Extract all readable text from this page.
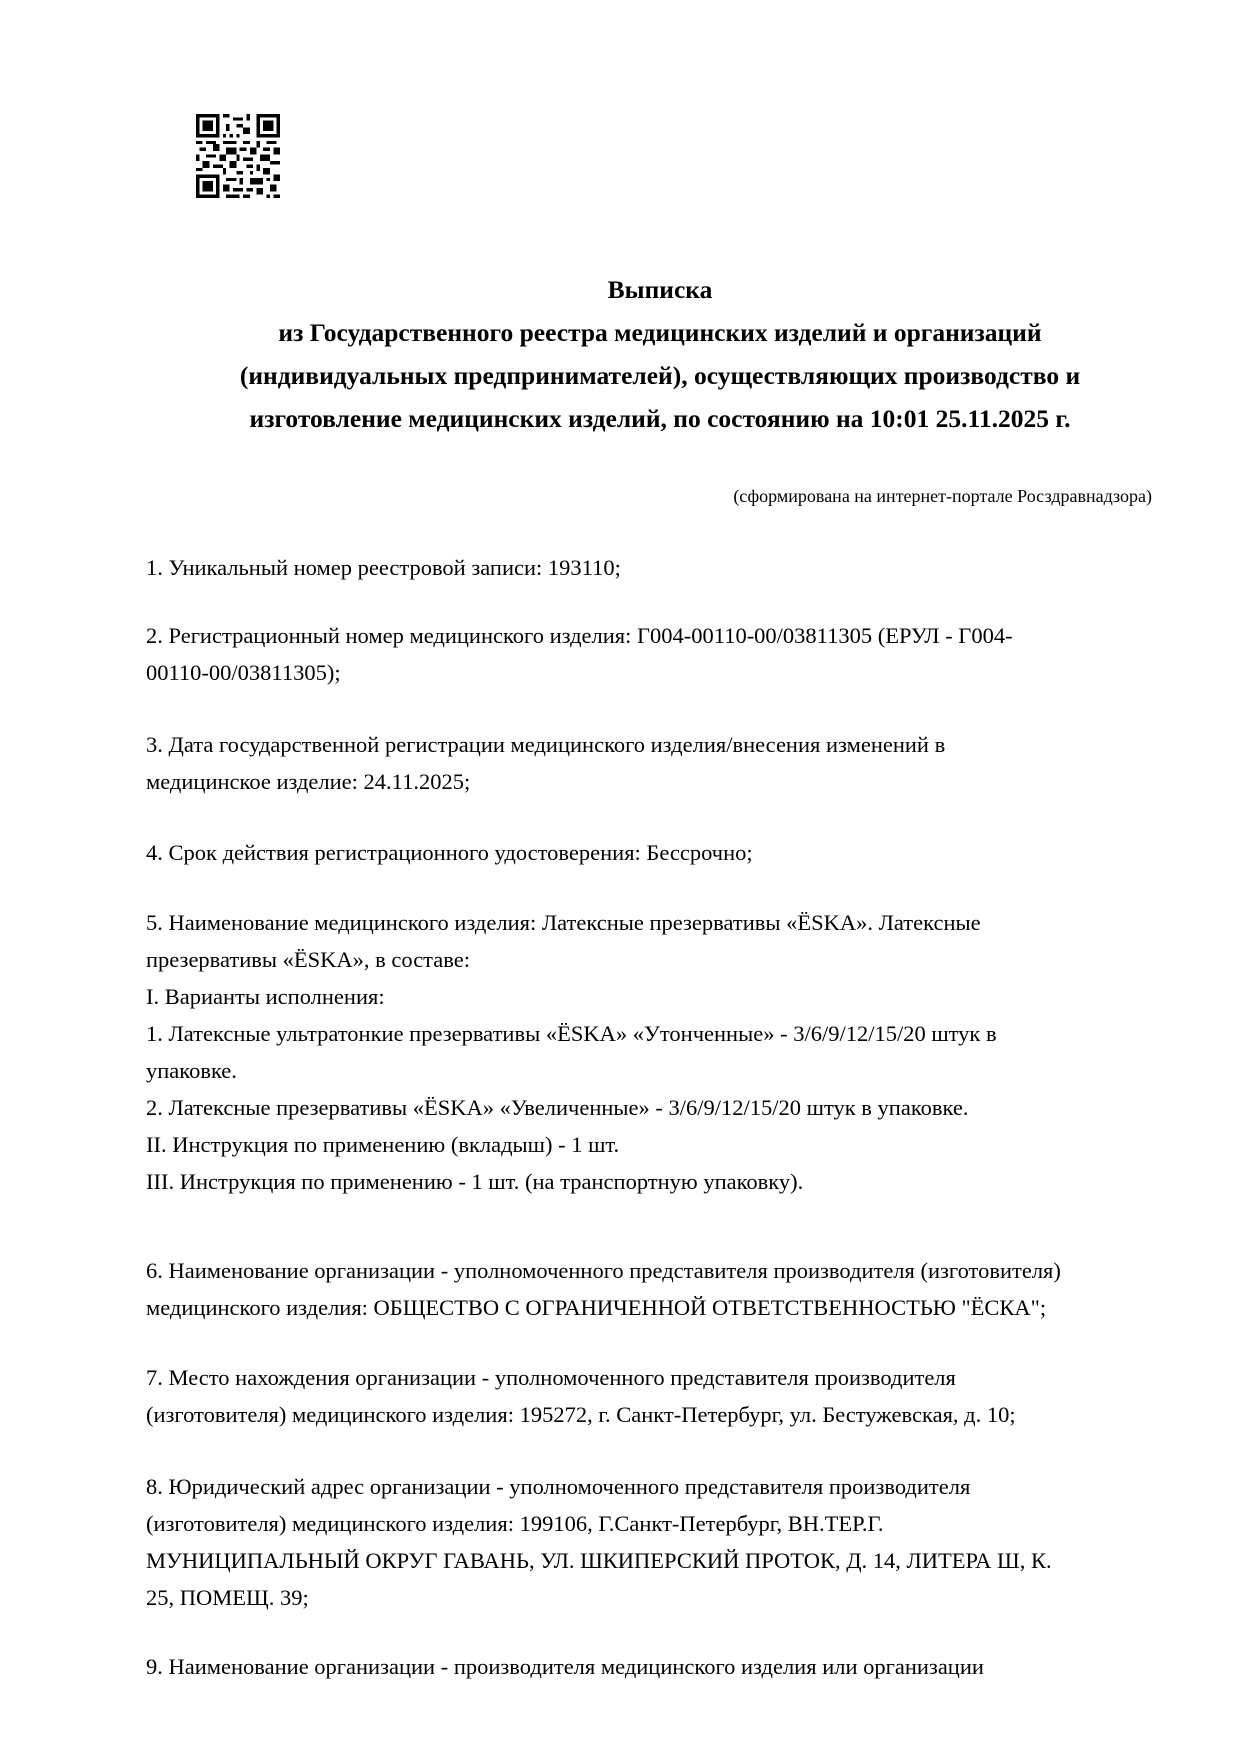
Выписка
из Государственного реестра медицинских изделий и организаций
(индивидуальных предпринимателей), осуществляющих производство и
изготовление медицинских изделий, по состоянию на 10:01 25.11.2025 г.
(сформирована на интернет-портале Росздравнадзора)
1. Уникальный номер реестровой записи: 193110;
2. Регистрационный номер медицинского изделия: Г004-00110-00/03811305 (ЕРУЛ - Г004-
00110-00/03811305);
3. Дата государственной регистрации медицинского изделия/внесения изменений в
медицинское изделие: 24.11.2025;
4. Срок действия регистрационного удостоверения: Бессрочно;
5. Наименование медицинского изделия: Латексные презервативы «ЁSKA». Латексные
презервативы «ЁSKA», в составе:
I. Варианты исполнения:
1. Латексные ультратонкие презервативы «ЁSKA» «Утонченные» - 3/6/9/12/15/20 штук в
упаковке.
2. Латексные презервативы «ЁSKA» «Увеличенные» - 3/6/9/12/15/20 штук в упаковке.
II. Инструкция по применению (вкладыш) - 1 шт.
III. Инструкция по применению - 1 шт. (на транспортную упаковку).
6. Наименование организации - уполномоченного представителя производителя (изготовителя)
медицинского изделия: ОБЩЕСТВО С ОГРАНИЧЕННОЙ ОТВЕТСТВЕННОСТЬЮ "ЁСКА";
7. Место нахождения организации - уполномоченного представителя производителя
(изготовителя) медицинского изделия: 195272, г. Санкт-Петербург, ул. Бестужевская, д. 10;
8. Юридический адрес организации - уполномоченного представителя производителя
(изготовителя) медицинского изделия: 199106, Г.Санкт-Петербург, ВН.ТЕР.Г.
МУНИЦИПАЛЬНЫЙ ОКРУГ ГАВАНЬ, УЛ. ШКИПЕРСКИЙ ПРОТОК, Д. 14, ЛИТЕРА Ш, К.
25, ПОМЕЩ. 39;
9. Наименование организации - производителя медицинского изделия или организации
